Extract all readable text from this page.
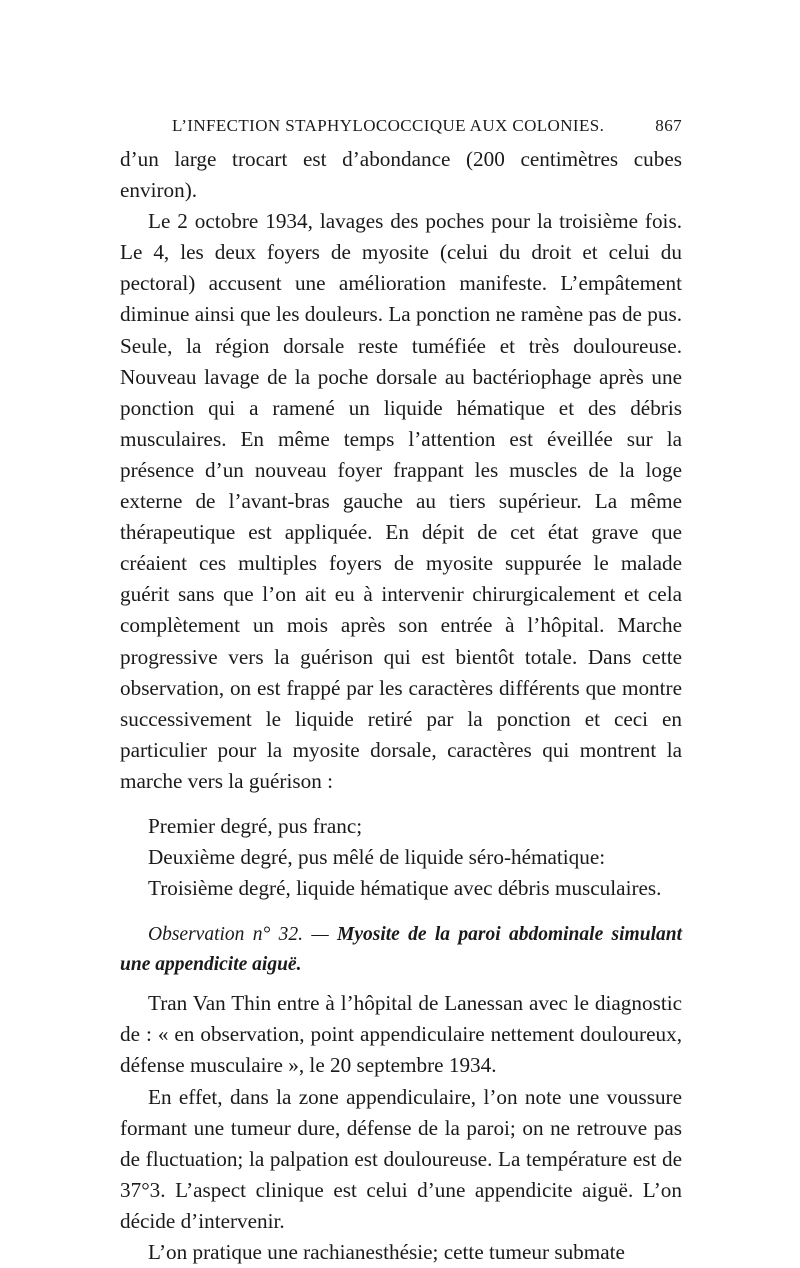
L’INFECTION STAPHYLOCOCCIQUE AUX COLONIES.	867

d’un large trocart est d’abondance (200 centimètres cubes environ).

Le 2 octobre 1934, lavages des poches pour la troisième fois. Le 4, les deux foyers de myosite (celui du droit et celui du pectoral) accusent une amélioration manifeste. L’empâtement diminue ainsi que les douleurs. La ponction ne ramène pas de pus. Seule, la région dorsale reste tuméfiée et très douloureuse. Nouveau lavage de la poche dorsale au bactériophage après une ponction qui a ramené un liquide hématique et des débris musculaires. En même temps l’attention est éveillée sur la présence d’un nouveau foyer frappant les muscles de la loge externe de l’avant-bras gauche au tiers supérieur. La même thérapeutique est appliquée. En dépit de cet état grave que créaient ces multiples foyers de myosite suppurée le malade guérit sans que l’on ait eu à intervenir chirurgicalement et cela complètement un mois après son entrée à l’hôpital. Marche progressive vers la guérison qui est bientôt totale. Dans cette observation, on est frappé par les caractères différents que montre successivement le liquide retiré par la ponction et ceci en particulier pour la myosite dorsale, caractères qui montrent la marche vers la guérison :

Premier degré, pus franc;
Deuxième degré, pus mêlé de liquide séro-hématique:
Troisième degré, liquide hématique avec débris musculaires.
Observation n° 32. — Myosite de la paroi abdominale simulant une appendicite aiguë.

Tran Van Thin entre à l’hôpital de Lanessan avec le diagnostic de : « en observation, point appendiculaire nettement douloureux, défense musculaire », le 20 septembre 1934.

En effet, dans la zone appendiculaire, l’on note une voussure formant une tumeur dure, défense de la paroi; on ne retrouve pas de fluctuation; la palpation est douloureuse. La température est de 37°3. L’aspect clinique est celui d’une appendicite aiguë. L’on décide d’intervenir.

L’on pratique une rachianesthésie; cette tumeur submate
